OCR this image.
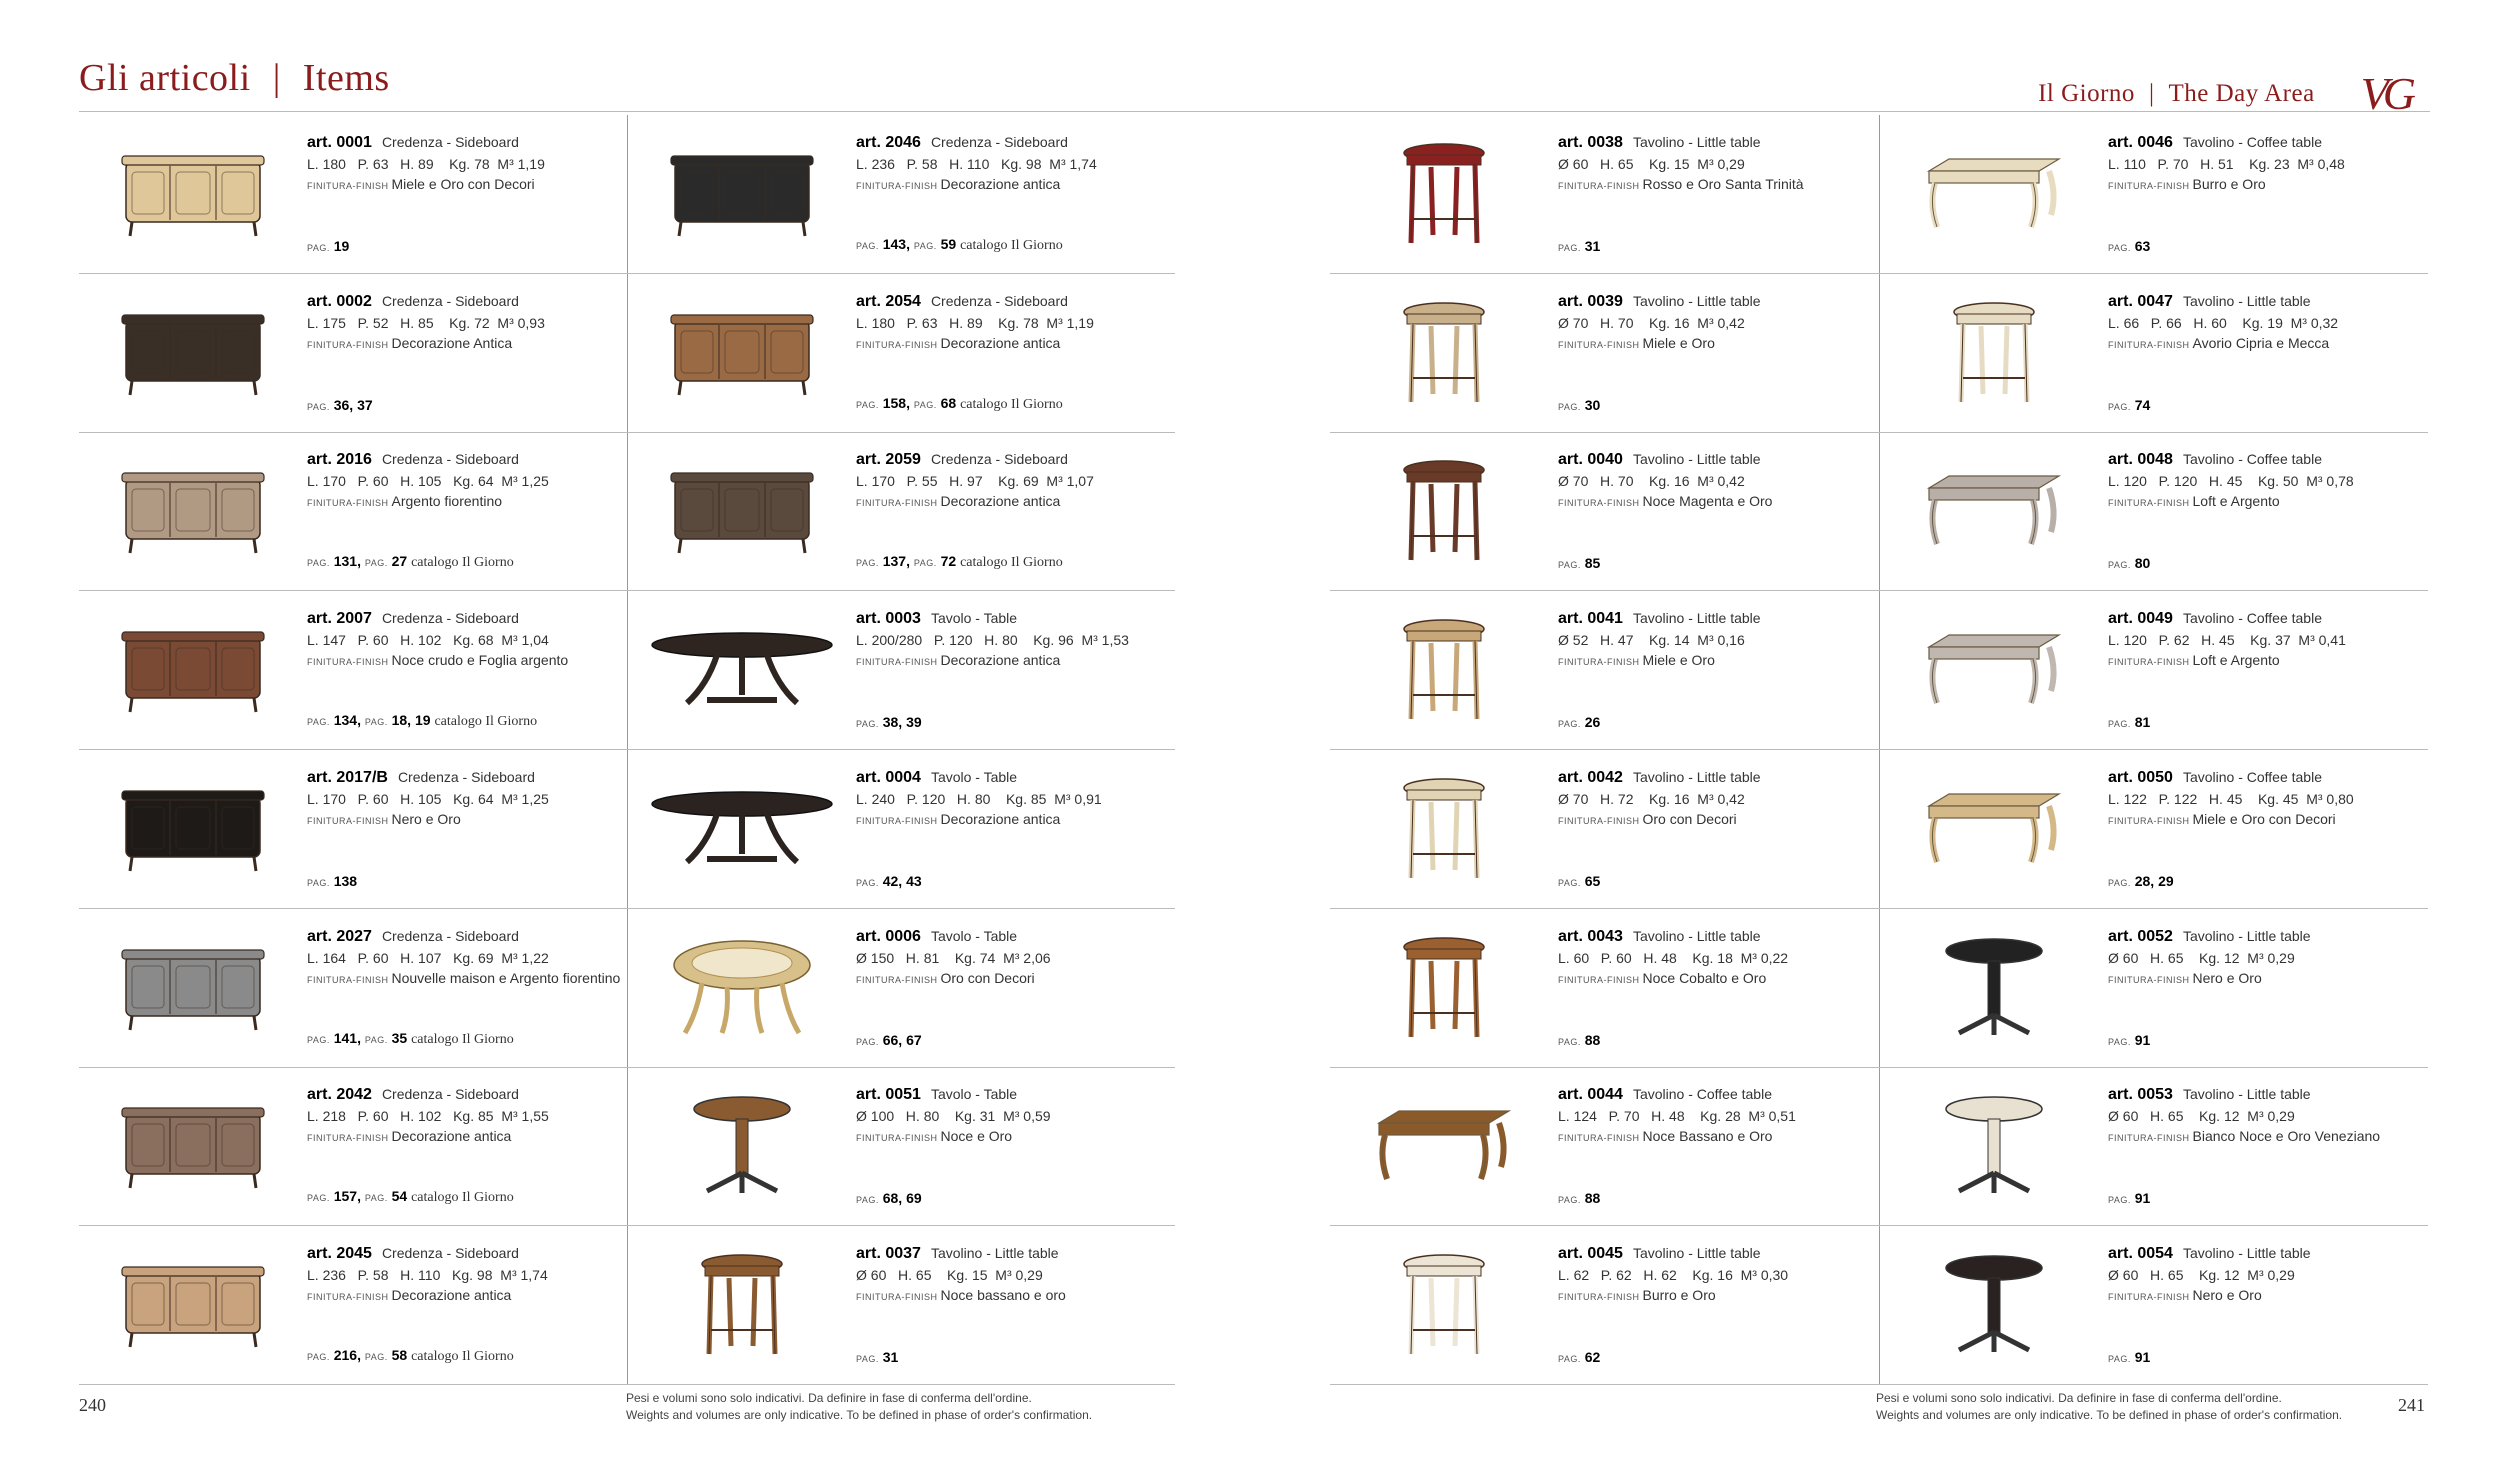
Gli articoli | Items	Il Giorno | The Day Area VG
art. 0001 Credenza - Sideboard
L. 180   P. 63   H. 89    Kg. 78  M³ 1,19
FINITURA-FINISH Miele e Oro con Decori
PAG. 19
art. 2046 Credenza - Sideboard
L. 236   P. 58   H. 110   Kg. 98  M³ 1,74
FINITURA-FINISH Decorazione antica
PAG. 143, PAG. 59 catalogo Il Giorno
art. 0002 Credenza - Sideboard
L. 175   P. 52   H. 85    Kg. 72  M³ 0,93
FINITURA-FINISH Decorazione Antica
PAG. 36, 37
art. 2054 Credenza - Sideboard
L. 180   P. 63   H. 89    Kg. 78  M³ 1,19
FINITURA-FINISH Decorazione antica
PAG. 158, PAG. 68 catalogo Il Giorno
art. 2016 Credenza - Sideboard
L. 170   P. 60   H. 105   Kg. 64  M³ 1,25
FINITURA-FINISH Argento fiorentino
PAG. 131, PAG. 27 catalogo Il Giorno
art. 2059 Credenza - Sideboard
L. 170   P. 55   H. 97    Kg. 69  M³ 1,07
FINITURA-FINISH Decorazione antica
PAG. 137, PAG. 72 catalogo Il Giorno
art. 2007 Credenza - Sideboard
L. 147   P. 60   H. 102   Kg. 68  M³ 1,04
FINITURA-FINISH Noce crudo e Foglia argento
PAG. 134, PAG. 18, 19 catalogo Il Giorno
art. 0003 Tavolo - Table
L. 200/280   P. 120   H. 80    Kg. 96  M³ 1,53
FINITURA-FINISH Decorazione antica
PAG. 38, 39
art. 2017/B Credenza - Sideboard
L. 170   P. 60   H. 105   Kg. 64  M³ 1,25
FINITURA-FINISH Nero e Oro
PAG. 138
art. 0004 Tavolo - Table
L. 240   P. 120   H. 80    Kg. 85  M³ 0,91
FINITURA-FINISH Decorazione antica
PAG. 42, 43
art. 2027 Credenza - Sideboard
L. 164   P. 60   H. 107   Kg. 69  M³ 1,22
FINITURA-FINISH Nouvelle maison e Argento fiorentino
PAG. 141, PAG. 35 catalogo Il Giorno
art. 0006 Tavolo - Table
Ø 150   H. 81    Kg. 74  M³ 2,06
FINITURA-FINISH Oro con Decori
PAG. 66, 67
art. 2042 Credenza - Sideboard
L. 218   P. 60   H. 102   Kg. 85  M³ 1,55
FINITURA-FINISH Decorazione antica
PAG. 157, PAG. 54 catalogo Il Giorno
art. 0051 Tavolo - Table
Ø 100   H. 80    Kg. 31  M³ 0,59
FINITURA-FINISH Noce e Oro
PAG. 68, 69
art. 2045 Credenza - Sideboard
L. 236   P. 58   H. 110   Kg. 98  M³ 1,74
FINITURA-FINISH Decorazione antica
PAG. 216, PAG. 58 catalogo Il Giorno
art. 0037 Tavolino - Little table
Ø 60   H. 65    Kg. 15  M³ 0,29
FINITURA-FINISH Noce bassano e oro
PAG. 31
art. 0038 Tavolino - Little table
Ø 60   H. 65    Kg. 15  M³ 0,29
FINITURA-FINISH Rosso e Oro Santa Trinità
PAG. 31
art. 0046 Tavolino - Coffee table
L. 110   P. 70   H. 51    Kg. 23  M³ 0,48
FINITURA-FINISH Burro e Oro
PAG. 63
art. 0039 Tavolino - Little table
Ø 70   H. 70    Kg. 16  M³ 0,42
FINITURA-FINISH Miele e Oro
PAG. 30
art. 0047 Tavolino - Little table
L. 66   P. 66   H. 60    Kg. 19  M³ 0,32
FINITURA-FINISH Avorio Cipria e Mecca
PAG. 74
art. 0040 Tavolino - Little table
Ø 70   H. 70    Kg. 16  M³ 0,42
FINITURA-FINISH Noce Magenta e Oro
PAG. 85
art. 0048 Tavolino - Coffee table
L. 120   P. 120   H. 45    Kg. 50  M³ 0,78
FINITURA-FINISH Loft e Argento
PAG. 80
art. 0041 Tavolino - Little table
Ø 52   H. 47    Kg. 14  M³ 0,16
FINITURA-FINISH Miele e Oro
PAG. 26
art. 0049 Tavolino - Coffee table
L. 120   P. 62   H. 45    Kg. 37  M³ 0,41
FINITURA-FINISH Loft e Argento
PAG. 81
art. 0042 Tavolino - Little table
Ø 70   H. 72    Kg. 16  M³ 0,42
FINITURA-FINISH Oro con Decori
PAG. 65
art. 0050 Tavolino - Coffee table
L. 122   P. 122   H. 45    Kg. 45  M³ 0,80
FINITURA-FINISH Miele e Oro con Decori
PAG. 28, 29
art. 0043 Tavolino - Little table
L. 60   P. 60   H. 48    Kg. 18  M³ 0,22
FINITURA-FINISH Noce Cobalto e Oro
PAG. 88
art. 0052 Tavolino - Little table
Ø 60   H. 65    Kg. 12  M³ 0,29
FINITURA-FINISH Nero e Oro
PAG. 91
art. 0044 Tavolino - Coffee table
L. 124   P. 70   H. 48    Kg. 28  M³ 0,51
FINITURA-FINISH Noce Bassano e Oro
PAG. 88
art. 0053 Tavolino - Little table
Ø 60   H. 65    Kg. 12  M³ 0,29
FINITURA-FINISH Bianco Noce e Oro Veneziano
PAG. 91
art. 0045 Tavolino - Little table
L. 62   P. 62   H. 62    Kg. 16  M³ 0,30
FINITURA-FINISH Burro e Oro
PAG. 62
art. 0054 Tavolino - Little table
Ø 60   H. 65    Kg. 12  M³ 0,29
FINITURA-FINISH Nero e Oro
PAG. 91
240	Pesi e volumi sono solo indicativi. Da definire in fase di conferma dell'ordine.
Weights and volumes are only indicative. To be defined in phase of order's confirmation.
Pesi e volumi sono solo indicativi. Da definire in fase di conferma dell'ordine.
Weights and volumes are only indicative. To be defined in phase of order's confirmation.	241
